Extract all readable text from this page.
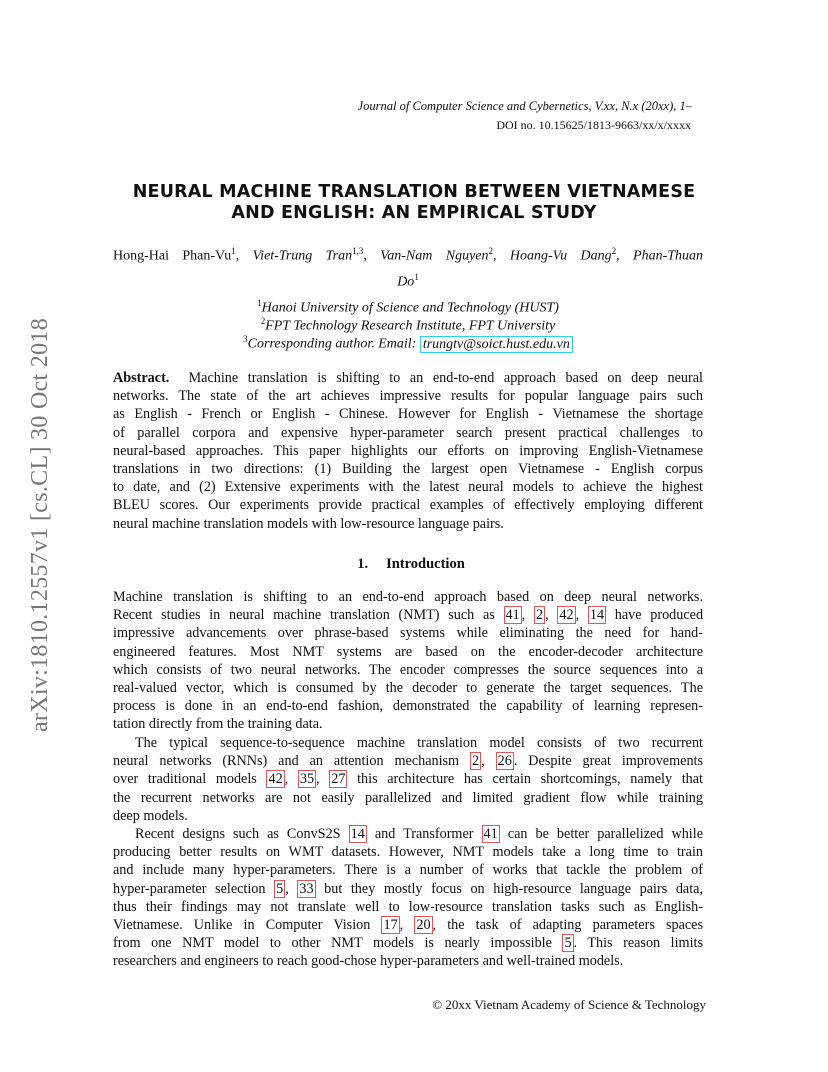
Journal of Computer Science and Cybernetics, V.xx, N.x (20xx), 1–
DOI no. 10.15625/1813-9663/xx/x/xxxx
arXiv:1810.12557v1 [cs.CL] 30 Oct 2018
NEURAL MACHINE TRANSLATION BETWEEN VIETNAMESE
AND ENGLISH: AN EMPIRICAL STUDY
Hong-Hai Phan-Vu$^1$, Viet-Trung Tran$^{1,3}$, Van-Nam Nguyen$^2$, Hoang-Vu Dang$^2$, Phan-Thuan
Do$^1$
$^1$Hanoi University of Science and Technology (HUST)
$^2$FPT Technology Research Institute, FPT University
$^3$Corresponding author. Email: trungtv@soict.hust.edu.vn
Abstract. Machine translation is shifting to an end-to-end approach based on deep neural
networks. The state of the art achieves impressive results for popular language pairs such
as English - French or English - Chinese. However for English - Vietnamese the shortage
of parallel corpora and expensive hyper-parameter search present practical challenges to
neural-based approaches. This paper highlights our efforts on improving English-Vietnamese
translations in two directions: (1) Building the largest open Vietnamese - English corpus
to date, and (2) Extensive experiments with the latest neural models to achieve the highest
BLEU scores. Our experiments provide practical examples of effectively employing different
neural machine translation models with low-resource language pairs.
1. Introduction
Machine translation is shifting to an end-to-end approach based on deep neural networks.
Recent studies in neural machine translation (NMT) such as 41 , 2 , 42 , 14 have produced
impressive advancements over phrase-based systems while eliminating the need for hand-
engineered features. Most NMT systems are based on the encoder-decoder architecture
which consists of two neural networks. The encoder compresses the source sequences into a
real-valued vector, which is consumed by the decoder to generate the target sequences. The
process is done in an end-to-end fashion, demonstrated the capability of learning represen-
tation directly from the training data.
The typical sequence-to-sequence machine translation model consists of two recurrent
neural networks (RNNs) and an attention mechanism 2 , 26 . Despite great improvements
over traditional models 42 , 35 , 27 this architecture has certain shortcomings, namely that
the recurrent networks are not easily parallelized and limited gradient flow while training
deep models.
Recent designs such as ConvS2S 14 and Transformer 41 can be better parallelized while
producing better results on WMT datasets. However, NMT models take a long time to train
and include many hyper-parameters. There is a number of works that tackle the problem of
hyper-parameter selection 5 , 33 but they mostly focus on high-resource language pairs data,
thus their findings may not translate well to low-resource translation tasks such as English-
Vietnamese. Unlike in Computer Vision 17 , 20 , the task of adapting parameters spaces
from one NMT model to other NMT models is nearly impossible 5 . This reason limits
researchers and engineers to reach good-chose hyper-parameters and well-trained models.
© 20xx Vietnam Academy of Science & Technology
